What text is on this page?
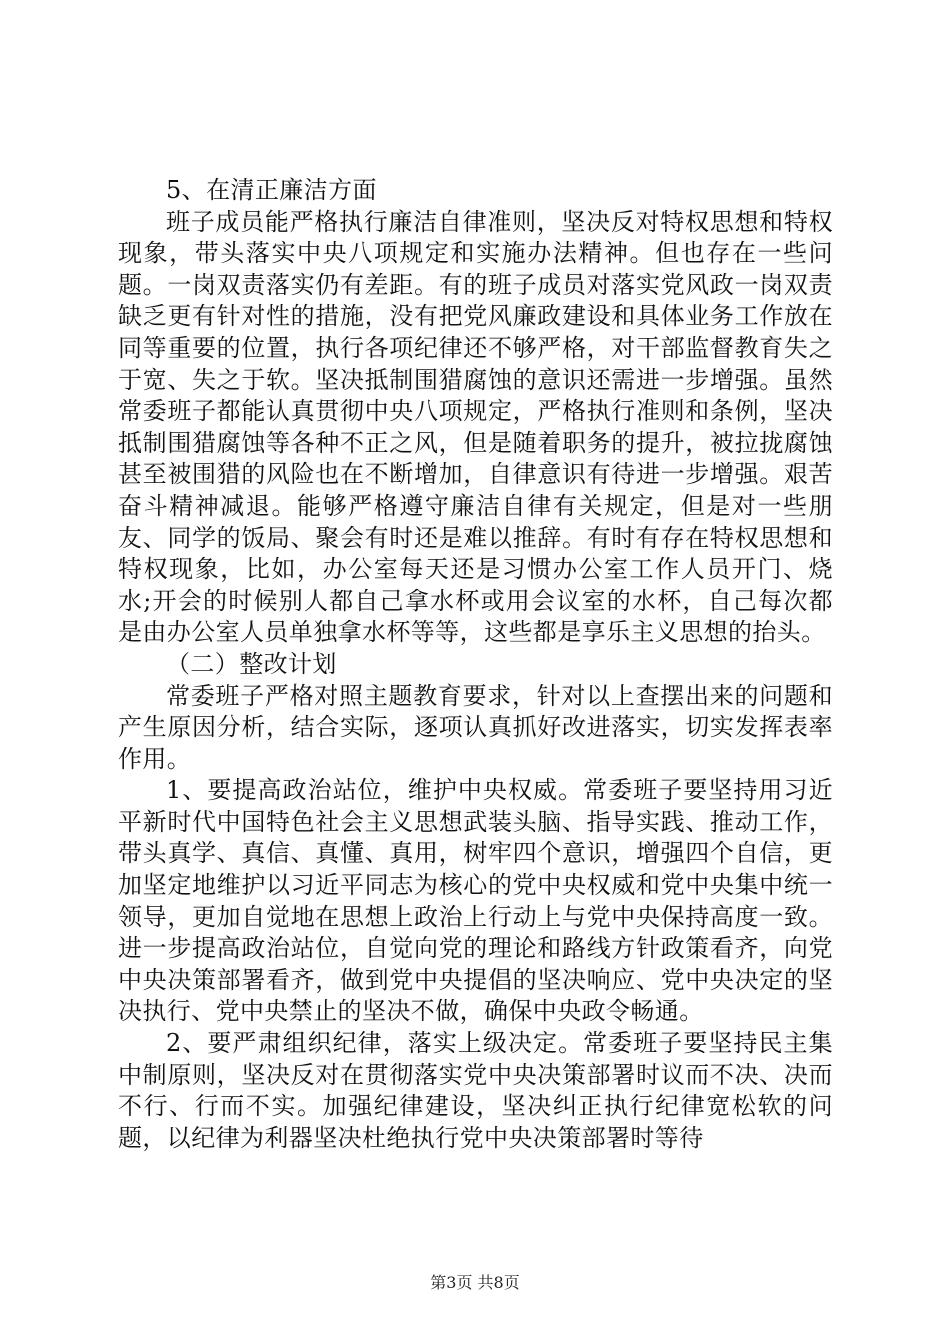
5、在清正廉洁方面

班子成员能严格执行廉洁自律准则，坚决反对特权思想和特权现象，带头落实中央八项规定和实施办法精神。但也存在一些问题。一岗双责落实仍有差距。有的班子成员对落实党风政一岗双责缺乏更有针对性的措施，没有把党风廉政建设和具体业务工作放在同等重要的位置，执行各项纪律还不够严格，对干部监督教育失之于宽、失之于软。坚决抵制围猎腐蚀的意识还需进一步增强。虽然常委班子都能认真贯彻中央八项规定，严格执行准则和条例，坚决抵制围猎腐蚀等各种不正之风，但是随着职务的提升，被拉拢腐蚀甚至被围猎的风险也在不断增加，自律意识有待进一步增强。艰苦奋斗精神减退。能够严格遵守廉洁自律有关规定，但是对一些朋友、同学的饭局、聚会有时还是难以推辞。有时有存在特权思想和特权现象，比如，办公室每天还是习惯办公室工作人员开门、烧水;开会的时候别人都自己拿水杯或用会议室的水杯，自己每次都是由办公室人员单独拿水杯等等，这些都是享乐主义思想的抬头。

（二）整改计划

常委班子严格对照主题教育要求，针对以上查摆出来的问题和产生原因分析，结合实际，逐项认真抓好改进落实，切实发挥表率作用。

1、要提高政治站位，维护中央权威。常委班子要坚持用习近平新时代中国特色社会主义思想武装头脑、指导实践、推动工作，带头真学、真信、真懂、真用，树牢四个意识，增强四个自信，更加坚定地维护以习近平同志为核心的党中央权威和党中央集中统一领导，更加自觉地在思想上政治上行动上与党中央保持高度一致。进一步提高政治站位，自觉向党的理论和路线方针政策看齐，向党中央决策部署看齐，做到党中央提倡的坚决响应、党中央决定的坚决执行、党中央禁止的坚决不做，确保中央政令畅通。

2、要严肃组织纪律，落实上级决定。常委班子要坚持民主集中制原则，坚决反对在贯彻落实党中央决策部署时议而不决、决而不行、行而不实。加强纪律建设，坚决纠正执行纪律宽松软的问题，以纪律为利器坚决杜绝执行党中央决策部署时等待

第3页 共8页
